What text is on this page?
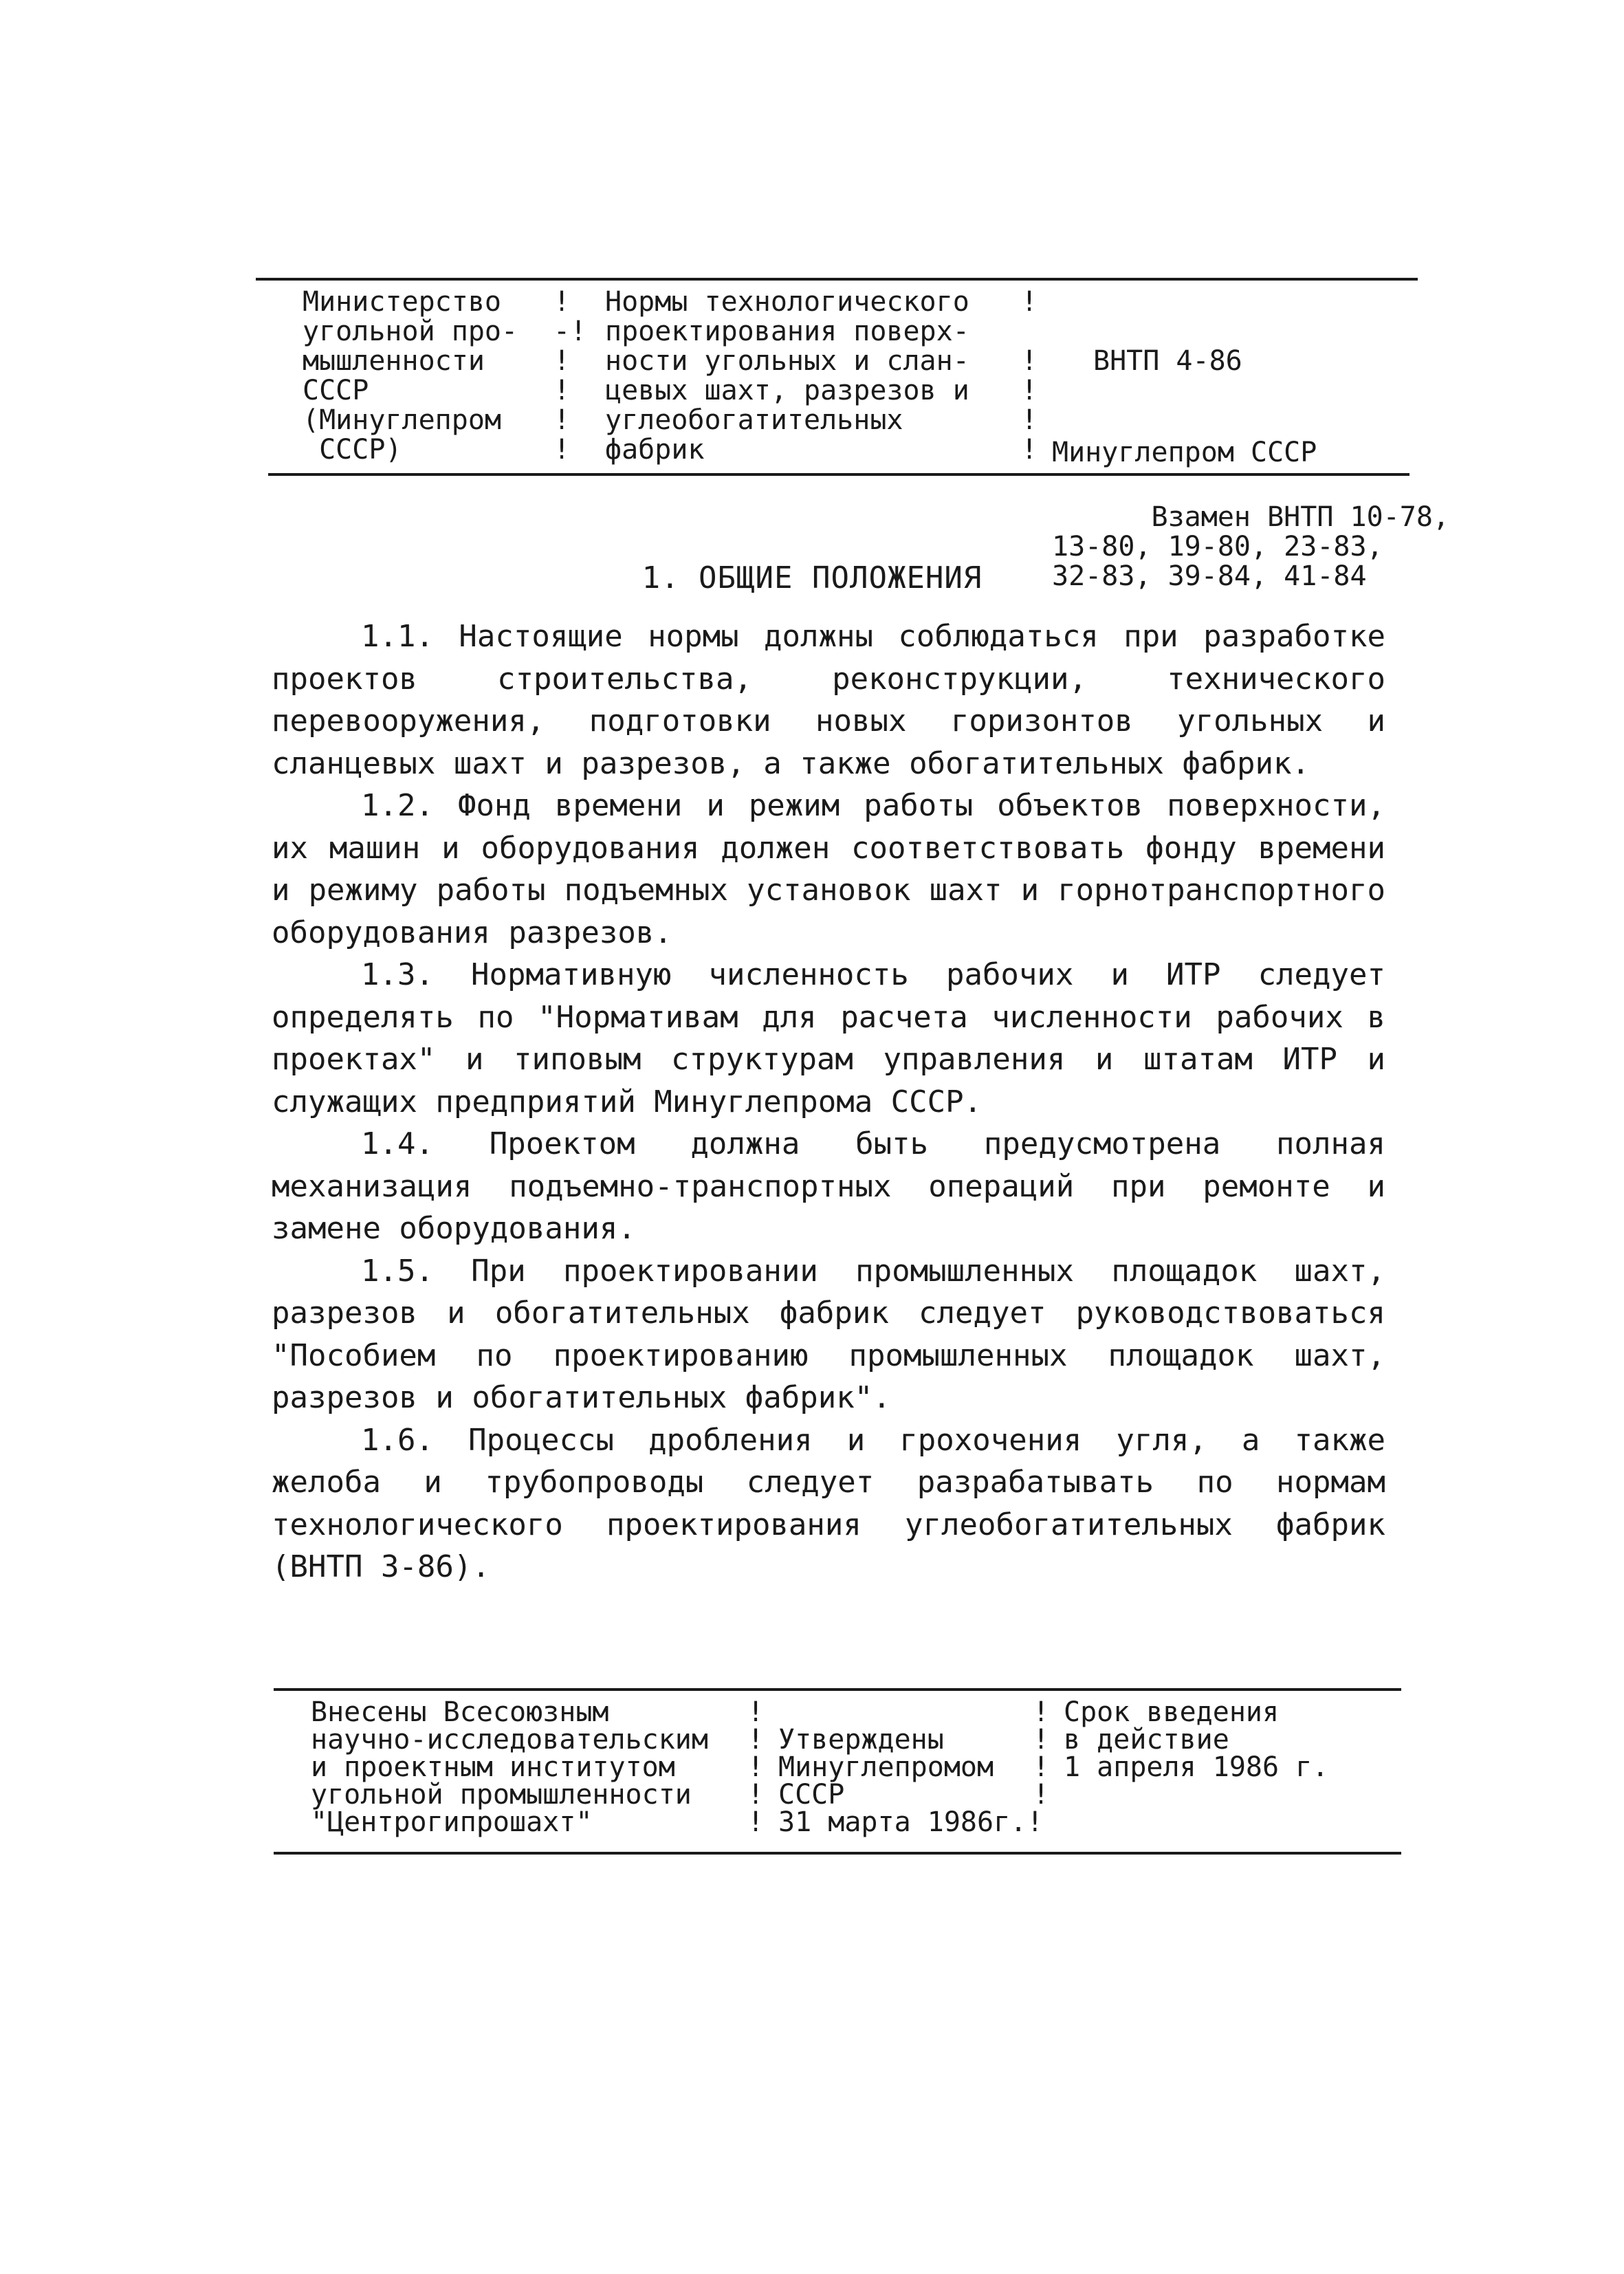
Министерство
угольной про-
мышленности
СССР
(Минуглепром
СССР)
!
-!
!
!
!
!
Нормы технологического
проектирования поверх-
ности угольных и слан-
цевых шахт, разрезов и
углеобогатительных
фабрик
!

!
!
!
!

ВНТП 4-86

Минуглепром СССР

Взамен ВНТП 10-78,
13-80, 19-80, 23-83,
32-83, 39-84, 41-84

1. ОБЩИЕ ПОЛОЖЕНИЯ

1.1. Настоящие нормы должны соблюдаться при разработке проектов строительства, реконструкции, технического перевооружения, подготовки новых горизонтов угольных и сланцевых шахт и разрезов, а также обогатительных фабрик.

1.2. Фонд времени и режим работы объектов поверхности, их машин и оборудования должен соответствовать фонду времени и режиму работы подъемных установок шахт и горнотранспортного оборудования разрезов.

1.3. Нормативную численность рабочих и ИТР следует определять по "Нормативам для расчета численности рабочих в проектах" и типовым структурам управления и штатам ИТР и служащих предприятий Минуглепрома СССР.

1.4. Проектом должна быть предусмотрена полная механизация подъемно-транспортных операций при ремонте и замене оборудования.

1.5. При проектировании промышленных площадок шахт, разрезов и обогатительных фабрик следует руководствоваться "Пособием по проектированию промышленных площадок шахт, разрезов и обогатительных фабрик".

1.6. Процессы дробления и грохочения угля, а также желоба и трубопроводы следует разрабатывать по нормам технологического проектирования углеобогатительных фабрик (ВНТП 3-86).

Внесены Всесоюзным
научно-исследовательским
и проектным институтом
угольной промышленности
"Центрогипрошахт"
!
!
!
!
!
Утверждены
Минуглепромом
СССР
31 марта 1986г.!
!
!
!
!
Срок введения
в действие
1 апреля 1986 г.
